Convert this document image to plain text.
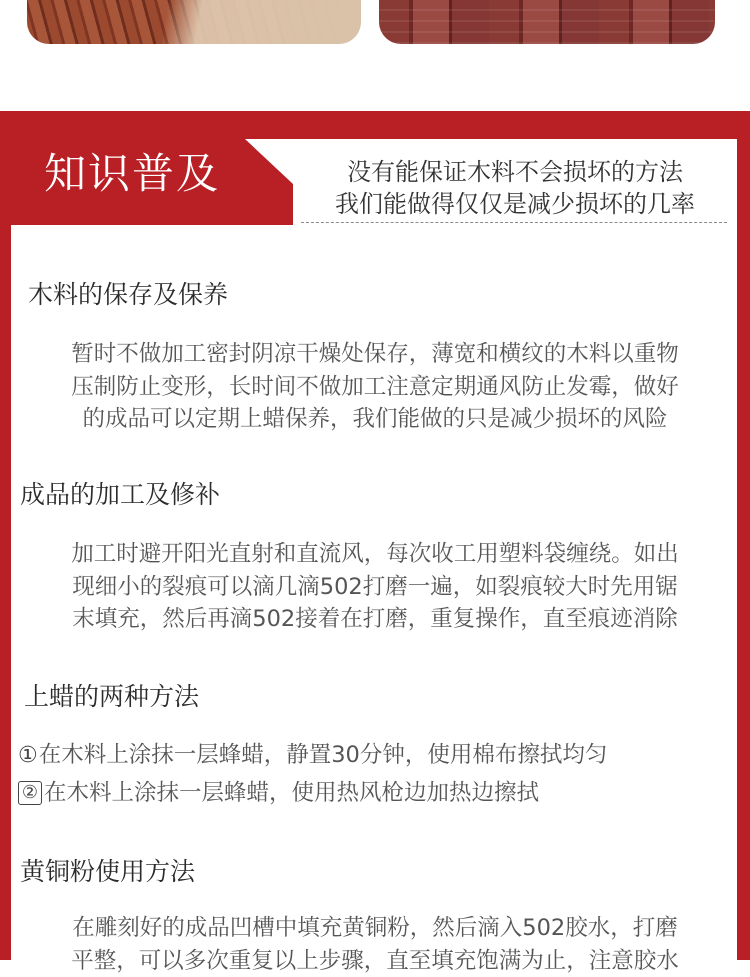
知识普及	没有能保证木料不会损坏的方法
我们能做得仅仅是减少损坏的几率
木料的保存及保养
暂时不做加工密封阴凉干燥处保存，薄宽和横纹的木料以重物
压制防止变形，长时间不做加工注意定期通风防止发霉，做好
的成品可以定期上蜡保养，我们能做的只是减少损坏的风险
成品的加工及修补
加工时避开阳光直射和直流风，每次收工用塑料袋缠绕。如出
现细小的裂痕可以滴几滴502打磨一遍，如裂痕较大时先用锯
末填充，然后再滴502接着在打磨，重复操作，直至痕迹消除
上蜡的两种方法
①在木料上涂抹一层蜂蜡，静置30分钟，使用棉布擦拭均匀
② 在木料上涂抹一层蜂蜡，使用热风枪边加热边擦拭
黄铜粉使用方法
在雕刻好的成品凹槽中填充黄铜粉，然后滴入502胶水，打磨
平整，可以多次重复以上步骤，直至填充饱满为止，注意胶水
